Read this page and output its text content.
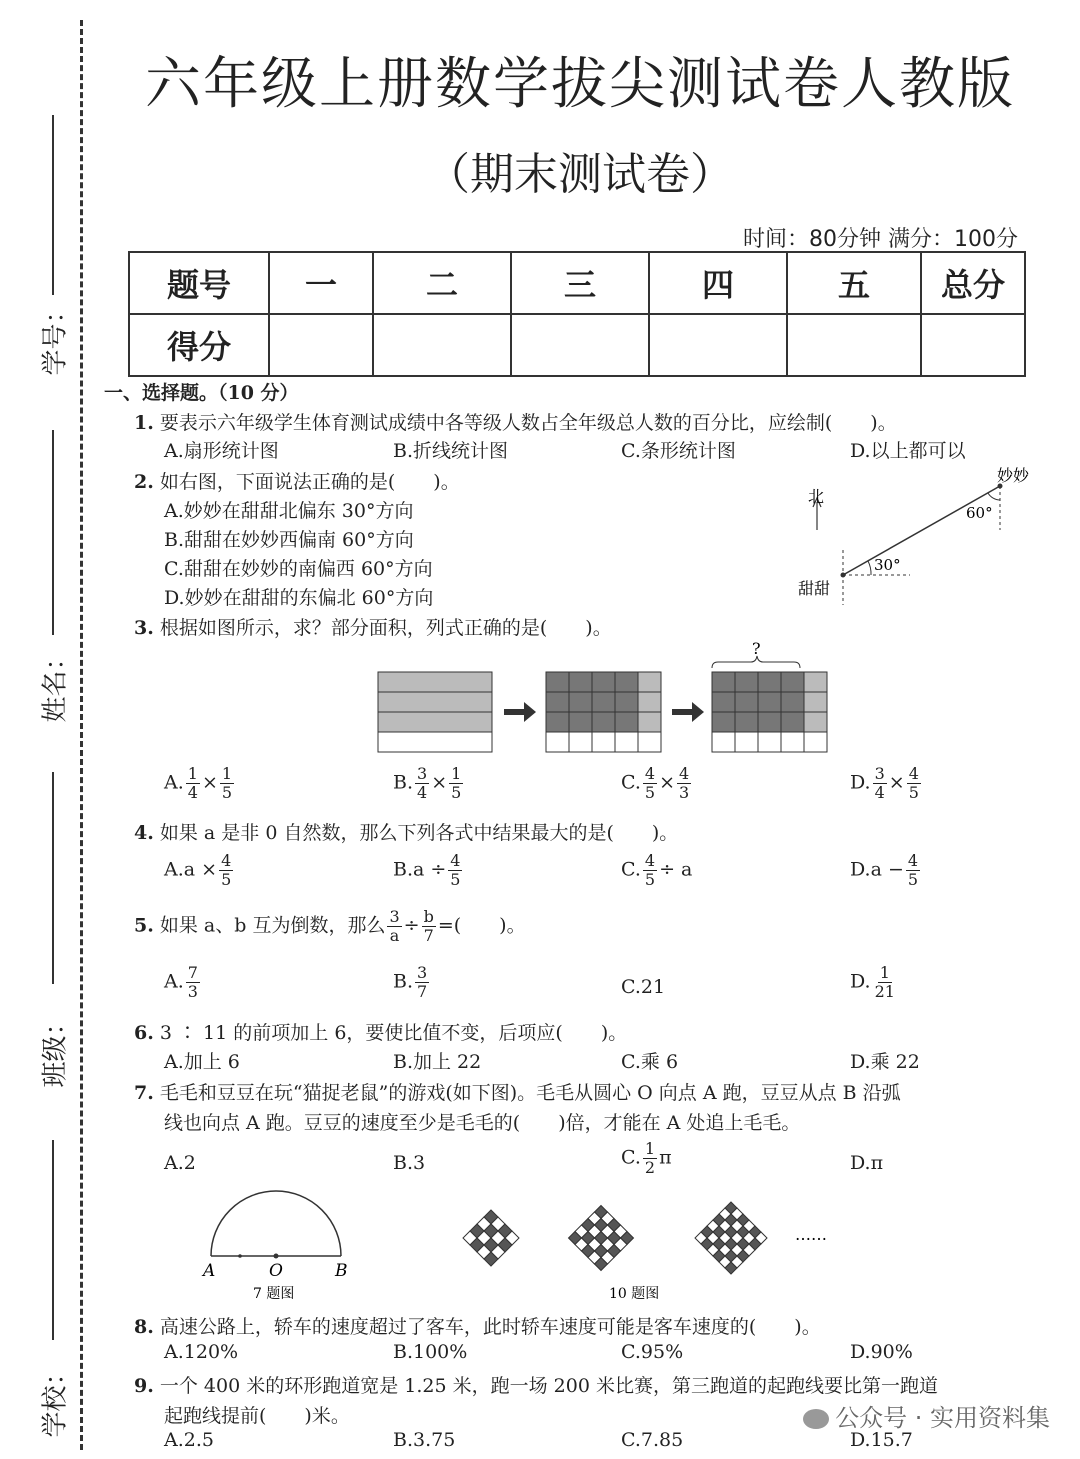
学号：
姓名：
班级：
学校：
六年级上册数学拔尖测试卷人教版
（期末测试卷）
时间：80分钟 满分：100分
题号	一	二	三	四	五	总分
得分						
一、选择题。（10 分）
1. 要表示六年级学生体育测试成绩中各等级人数占全年级总人数的百分比，应绘制(　　)。
A.扇形统计图	B.折线统计图	C.条形统计图	D.以上都可以
2. 如右图，下面说法正确的是(　　)。
A.妙妙在甜甜北偏东 30°方向
B.甜甜在妙妙西偏南 60°方向
C.甜甜在妙妙的南偏西 60°方向
D.妙妙在甜甜的东偏北 60°方向
北
妙妙
甜甜
60°
30°
3. 根据如图所示，求？部分面积，列式正确的是(　　)。
?
A. $\frac{1}{4} \times \frac{1}{5}$	B. $\frac{3}{4} \times \frac{1}{5}$	C. $\frac{4}{5} \times \frac{4}{3}$	D. $\frac{3}{4} \times \frac{4}{5}$
4. 如果 a 是非 0 自然数，那么下列各式中结果最大的是(　　)。
$A.a \times \frac{4}{5}$	$B.a \div \frac{4}{5}$	C. $\frac{4}{5} \div a$	$D.a - \frac{4}{5}$
5. 如果 a、b 互为倒数，那么 $\frac{3}{a} \div \frac{b}{7}$ =(　　)。
A. $\frac{7}{3}$	B. $\frac{3}{7}$	C.21	D. $\frac{1}{21}$
6. 3 ∶ 11 的前项加上 6，要使比值不变，后项应(　　)。
A.加上 6	B.加上 22	C.乘 6	D.乘 22
7. 毛毛和豆豆在玩“猫捉老鼠”的游戏(如下图)。毛毛从圆心 O 向点 A 跑，豆豆从点 B 沿弧
线也向点 A 跑。豆豆的速度至少是毛毛的(　　)倍，才能在 A 处追上毛毛。
A.2	B.3	C. $\frac{1}{2}$ π	D.π
A	O	B
7 题图
……
10 题图
8. 高速公路上，轿车的速度超过了客车，此时轿车速度可能是客车速度的(　　)。
A.120%	B.100%	C.95%	D.90%
9. 一个 400 米的环形跑道宽是 1.25 米，跑一场 200 米比赛，第三跑道的起跑线要比第一跑道
起跑线提前(　　)米。
A.2.5	B.3.75	C.7.85	D.15.7
公众号 · 实用资料集
